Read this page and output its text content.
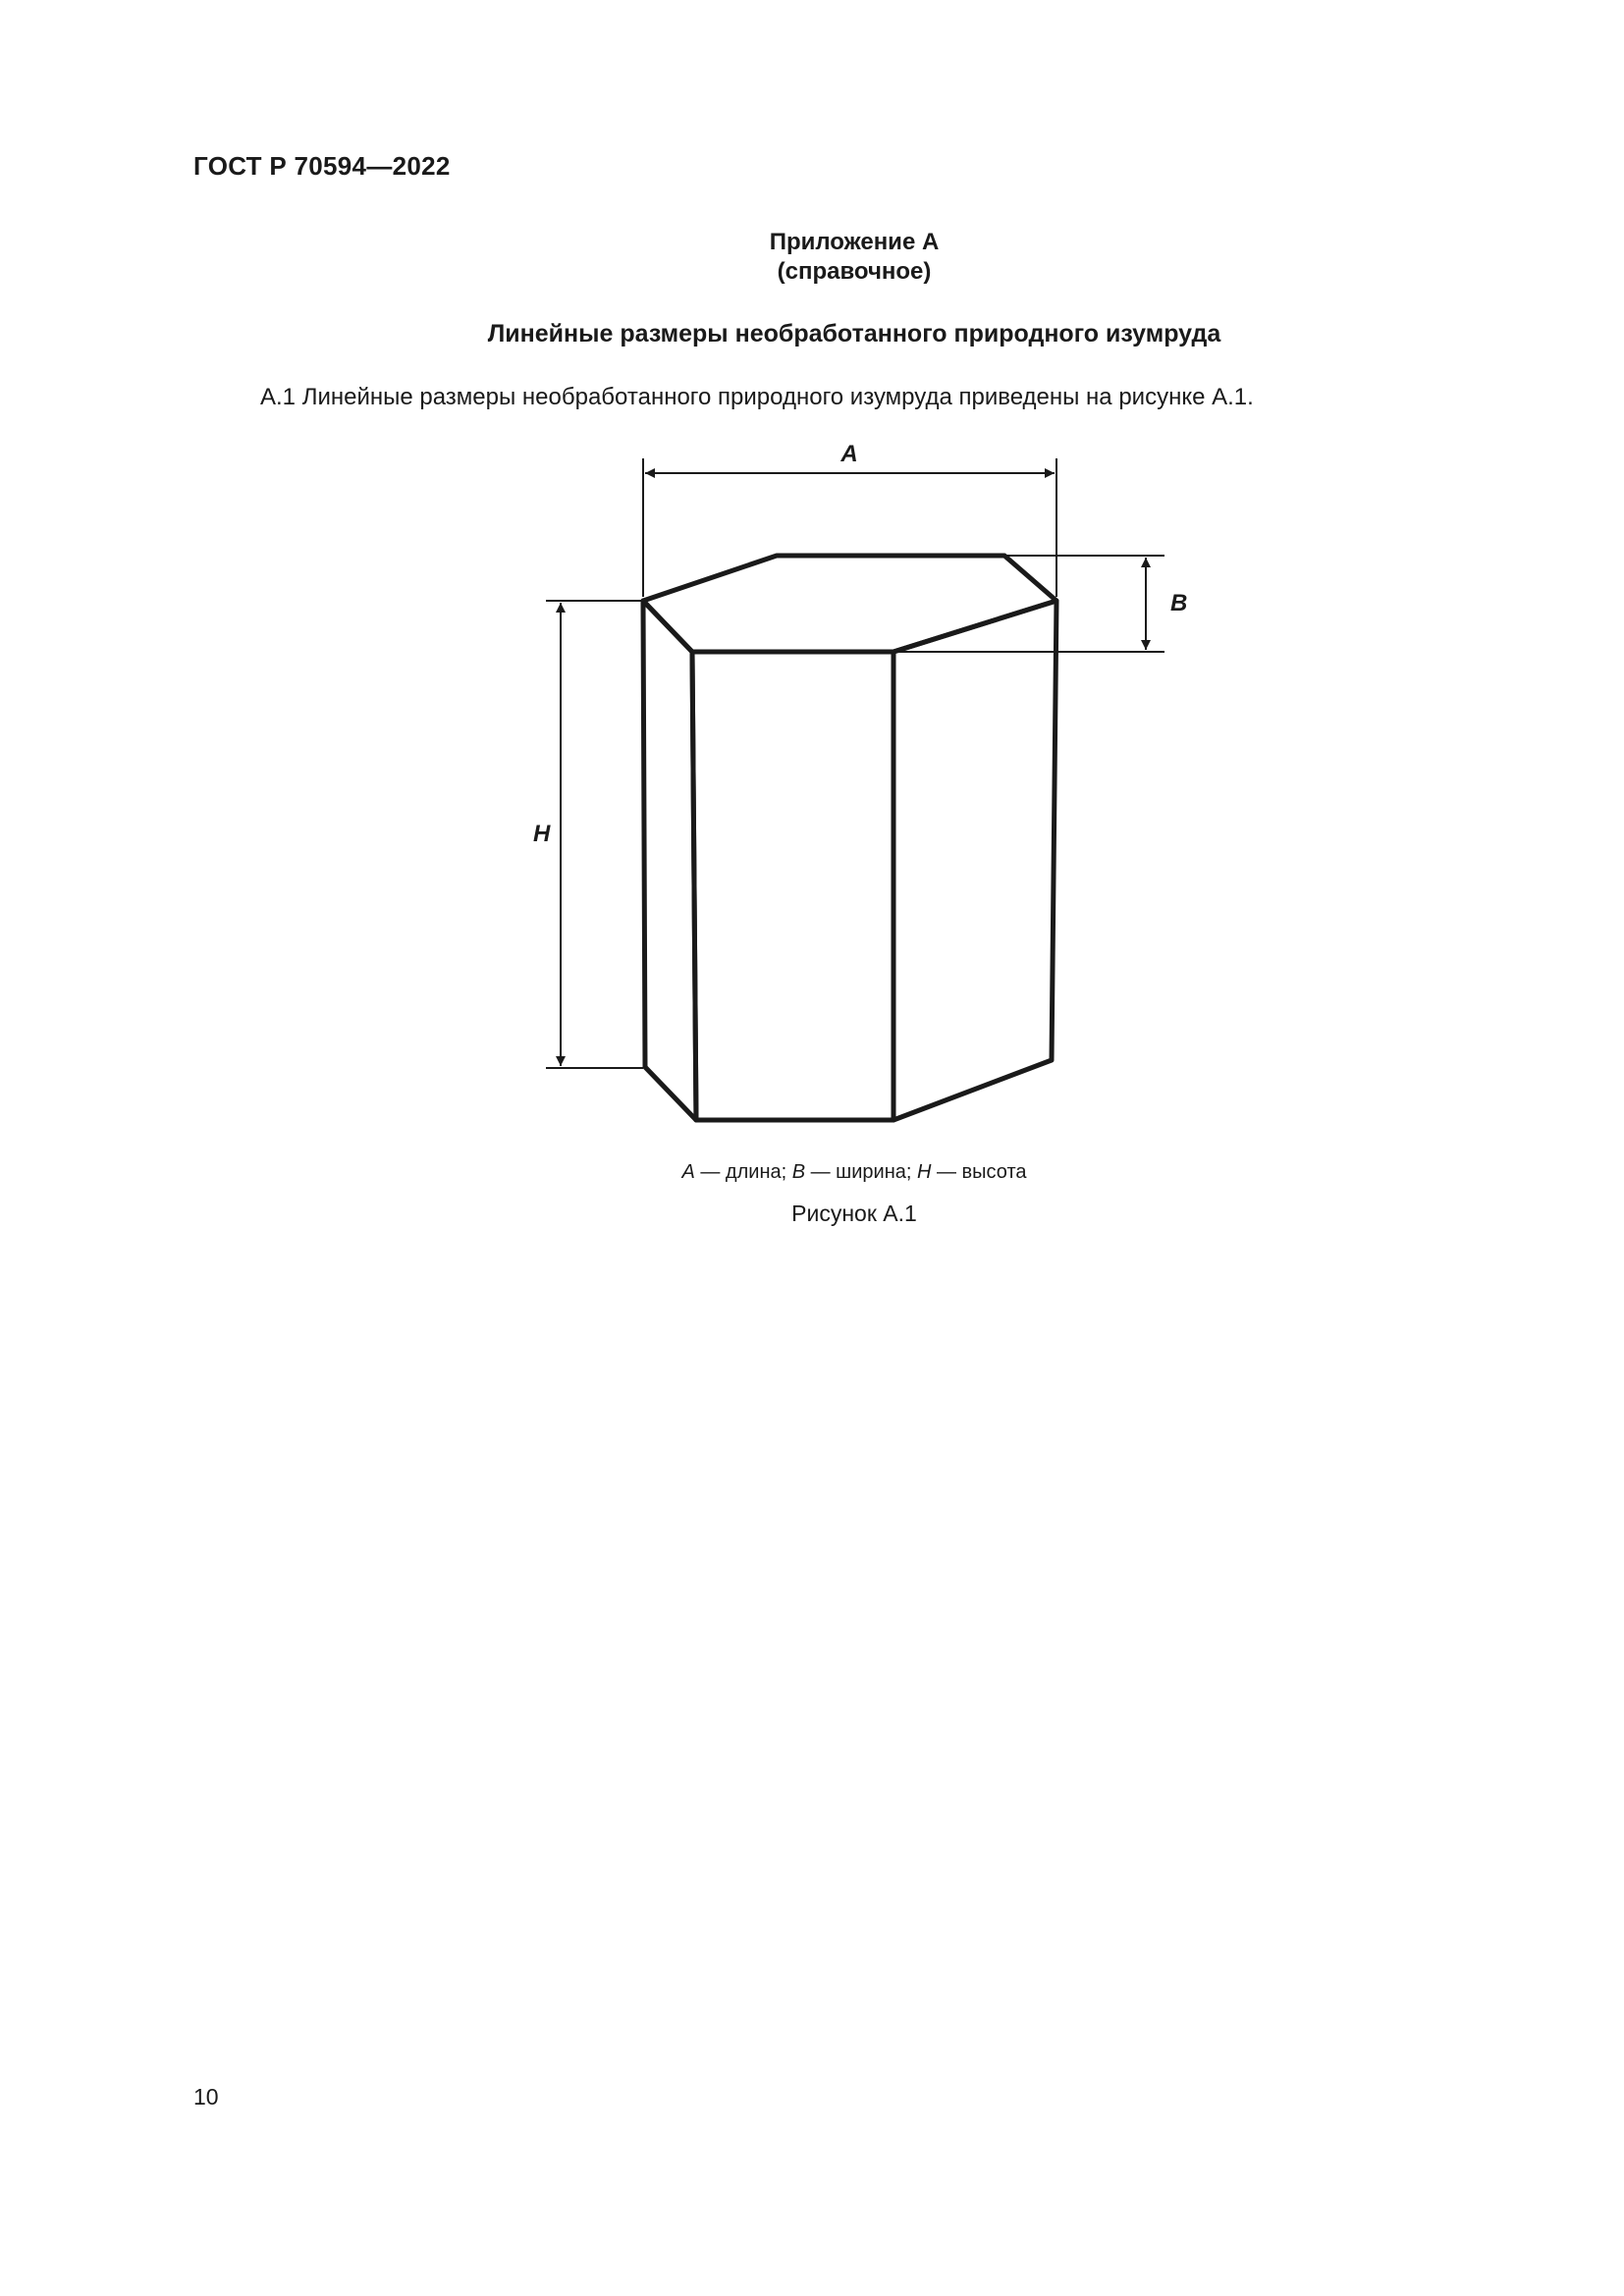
ГОСТ Р 70594—2022
Приложение А
(справочное)
Линейные размеры необработанного природного изумруда
А.1 Линейные размеры необработанного природного изумруда приведены на рисунке А.1.
A
B
H
А — длина; В — ширина; Н — высота
Рисунок А.1
10
